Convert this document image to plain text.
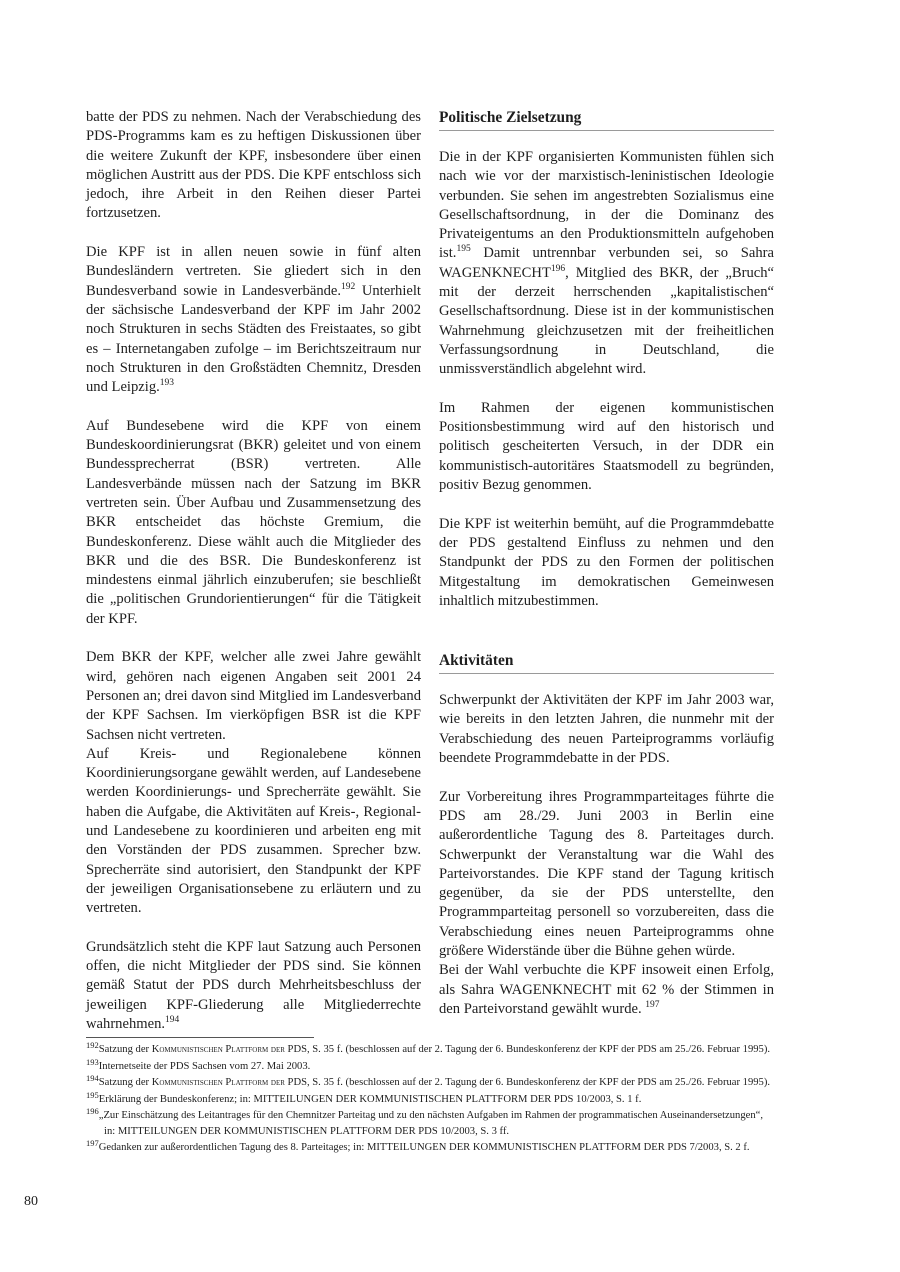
batte der PDS zu nehmen. Nach der Verabschiedung des PDS-Programms kam es zu heftigen Diskussionen über die weitere Zukunft der KPF, insbesondere über einen möglichen Austritt aus der PDS. Die KPF entschloss sich jedoch, ihre Arbeit in den Reihen dieser Partei fortzusetzen.

Die KPF ist in allen neuen sowie in fünf alten Bundesländern vertreten. Sie gliedert sich in den Bundesverband sowie in Landesverbände.$^{192}$ Unterhielt der sächsische Landesverband der KPF im Jahr 2002 noch Strukturen in sechs Städten des Freistaates, so gibt es – Internetangaben zufolge – im Berichtszeitraum nur noch Strukturen in den Großstädten Chemnitz, Dresden und Leipzig.$^{193}$

Auf Bundesebene wird die KPF von einem Bundeskoordinierungsrat (BKR) geleitet und von einem Bundessprecherrat (BSR) vertreten. Alle Landesverbände müssen nach der Satzung im BKR vertreten sein. Über Aufbau und Zusammensetzung des BKR entscheidet das höchste Gremium, die Bundeskonferenz. Diese wählt auch die Mitglieder des BKR und die des BSR. Die Bundeskonferenz ist mindestens einmal jährlich einzuberufen; sie beschließt die „politischen Grundorientierungen“ für die Tätigkeit der KPF.

Dem BKR der KPF, welcher alle zwei Jahre gewählt wird, gehören nach eigenen Angaben seit 2001 24 Personen an; drei davon sind Mitglied im Landesverband der KPF Sachsen. Im vierköpfigen BSR ist die KPF Sachsen nicht vertreten.

Auf Kreis- und Regionalebene können Koordinierungsorgane gewählt werden, auf Landesebene werden Koordinierungs- und Sprecherräte gewählt. Sie haben die Aufgabe, die Aktivitäten auf Kreis-, Regional- und Landesebene zu koordinieren und arbeiten eng mit den Vorständen der PDS zusammen. Sprecher bzw. Sprecherräte sind autorisiert, den Standpunkt der KPF der jeweiligen Organisationsebene zu erläutern und zu vertreten.

Grundsätzlich steht die KPF laut Satzung auch Personen offen, die nicht Mitglieder der PDS sind. Sie können gemäß Statut der PDS durch Mehrheitsbeschluss der jeweiligen KPF-Gliederung alle Mitgliederrechte wahrnehmen.$^{194}$

Politische Zielsetzung

Die in der KPF organisierten Kommunisten fühlen sich nach wie vor der marxistisch-leninistischen Ideologie verbunden. Sie sehen im angestrebten Sozialismus eine Gesellschaftsordnung, in der die Dominanz des Privateigentums an den Produktionsmitteln aufgehoben ist.$^{195}$ Damit untrennbar verbunden sei, so Sahra WAGENKNECHT$^{196}$, Mitglied des BKR, der „Bruch“ mit der derzeit herrschenden „kapitalistischen“ Gesellschaftsordnung. Diese ist in der kommunistischen Wahrnehmung gleichzusetzen mit der freiheitlichen Verfassungsordnung in Deutschland, die unmissverständlich abgelehnt wird.

Im Rahmen der eigenen kommunistischen Positionsbestimmung wird auf den historisch und politisch gescheiterten Versuch, in der DDR ein kommunistisch-autoritäres Staatsmodell zu begründen, positiv Bezug genommen.

Die KPF ist weiterhin bemüht, auf die Programmdebatte der PDS gestaltend Einfluss zu nehmen und den Standpunkt der PDS zu den Formen der politischen Mitgestaltung im demokratischen Gemeinwesen inhaltlich mitzubestimmen.

Aktivitäten

Schwerpunkt der Aktivitäten der KPF im Jahr 2003 war, wie bereits in den letzten Jahren, die nunmehr mit der Verabschiedung des neuen Parteiprogramms vorläufig beendete Programmdebatte in der PDS.

Zur Vorbereitung ihres Programmparteitages führte die PDS am 28./29. Juni 2003 in Berlin eine außerordentliche Tagung des 8. Parteitages durch. Schwerpunkt der Veranstaltung war die Wahl des Parteivorstandes. Die KPF stand der Tagung kritisch gegenüber, da sie der PDS unterstellte, den Programmparteitag personell so vorzubereiten, dass die Verabschiedung eines neuen Parteiprogramms ohne größere Widerstände über die Bühne gehen würde.

Bei der Wahl verbuchte die KPF insoweit einen Erfolg, als Sahra WAGENKNECHT mit 62 % der Stimmen in den Parteivorstand gewählt wurde. $^{197}$

$^{192}$Satzung der Kommunistischen Plattform der PDS, S. 35 f. (beschlossen auf der 2. Tagung der 6. Bundeskonferenz der KPF der PDS am 25./26. Februar 1995).

$^{193}$Internetseite der PDS Sachsen vom 27. Mai 2003.

$^{194}$Satzung der Kommunistischen Plattform der PDS, S. 35 f. (beschlossen auf der 2. Tagung der 6. Bundeskonferenz der KPF der PDS am 25./26. Februar 1995).

$^{195}$Erklärung der Bundeskonferenz; in: MITTEILUNGEN DER KOMMUNISTISCHEN PLATTFORM DER PDS 10/2003, S. 1 f.

$^{196}$„Zur Einschätzung des Leitantrages für den Chemnitzer Parteitag und zu den nächsten Aufgaben im Rahmen der programmatischen Auseinandersetzungen“, in: MITTEILUNGEN DER KOMMUNISTISCHEN PLATTFORM DER PDS 10/2003, S. 3 ff.

$^{197}$Gedanken zur außerordentlichen Tagung des 8. Parteitages; in: MITTEILUNGEN DER KOMMUNISTISCHEN PLATTFORM DER PDS 7/2003, S. 2 f.

80
